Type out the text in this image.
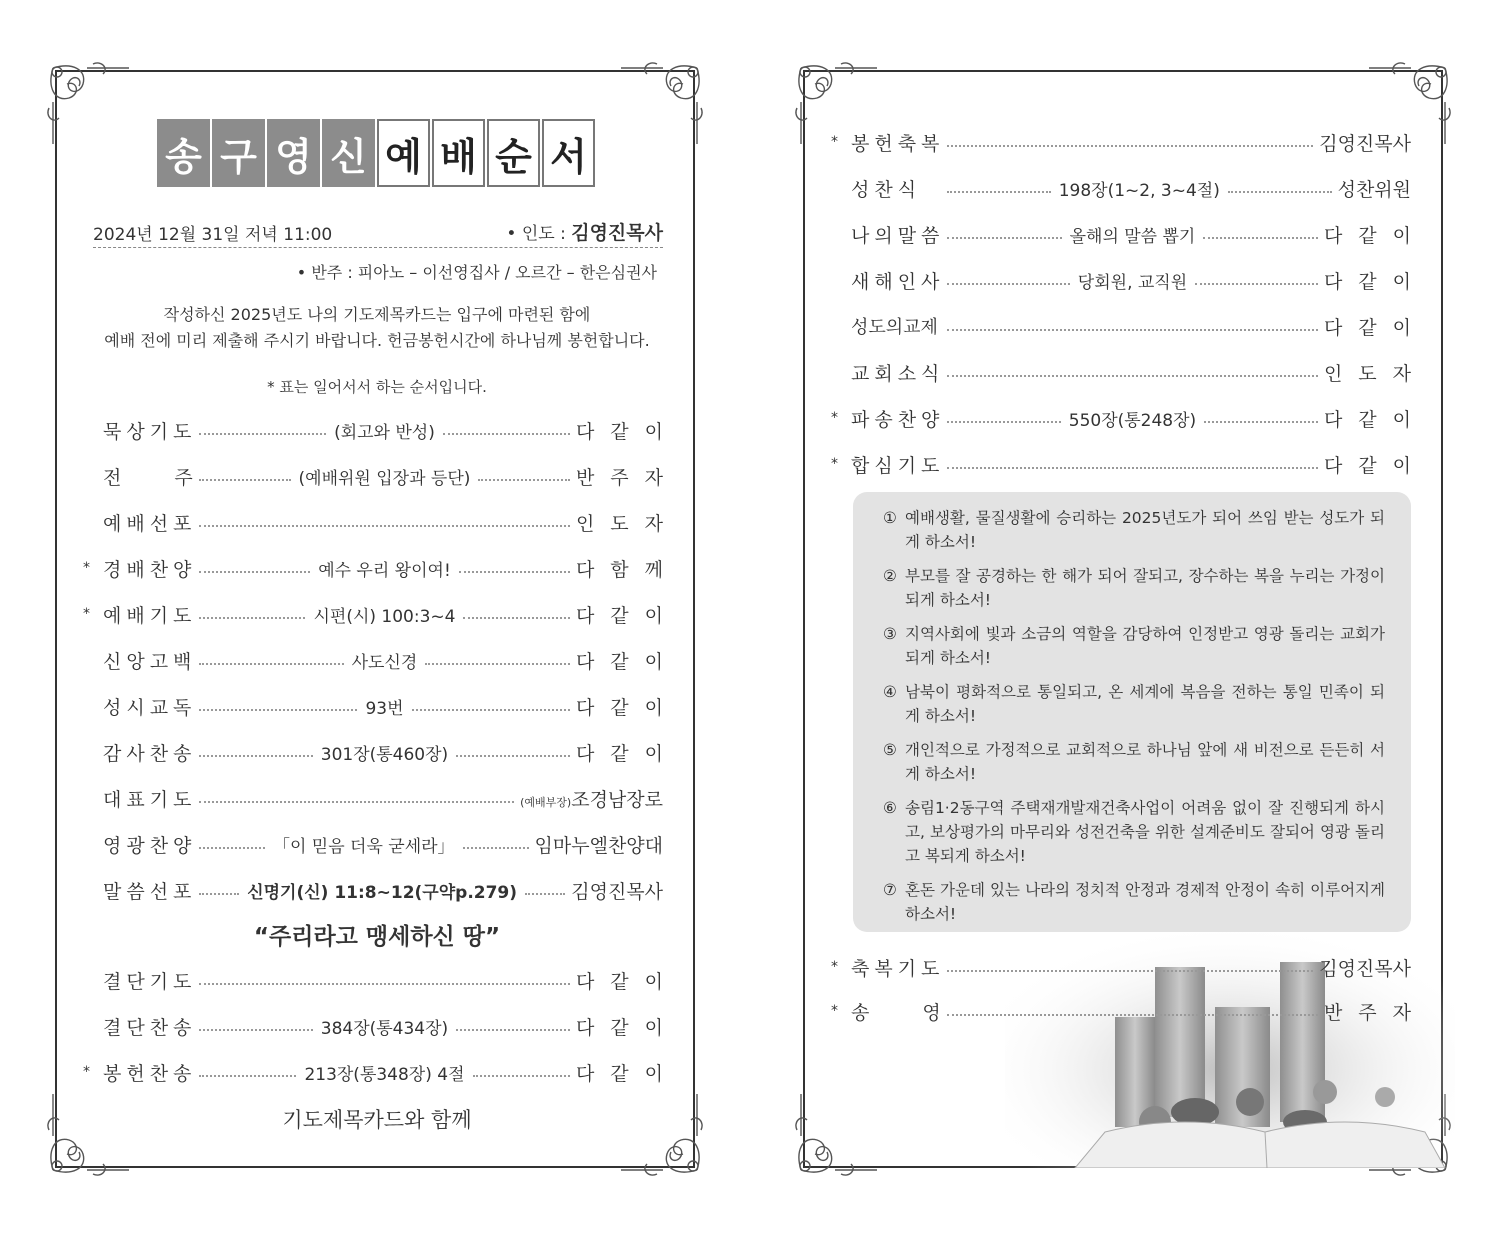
송 구 영 신 예 배 순 서
2024년 12월 31일 저녁 11:00	• 인도 : 김영진목사
• 반주 : 피아노 – 이선영집사 / 오르간 – 한은심권사
작성하신 2025년도 나의 기도제목카드는 입구에 마련된 함에
예배 전에 미리 제출해 주시기 바랍니다. 헌금봉헌시간에 하나님께 봉헌합니다.
* 표는 일어서서 하는 순서입니다.
묵상기도	(회고와 반성)	다같이
전　　주	(예배위원 입장과 등단)	반주자
예배선포	인도자
* 경배찬양	예수 우리 왕이여!	다함께
* 예배기도	시편(시) 100:3~4	다같이
신앙고백	사도신경	다같이
성시교독	93번	다같이
감사찬송	301장(통460장)	다같이
대표기도	(예배부장)조경남장로
영광찬양	「이 믿음 더욱 굳세라」	임마누엘찬양대
말씀선포	신명기(신) 11:8~12(구약p.279)	김영진목사
“주리라고 맹세하신 땅”
결단기도	다같이
결단찬송	384장(통434장)	다같이
* 봉헌찬송	213장(통348장) 4절	다같이
기도제목카드와 함께
* 봉헌축복	김영진목사
성찬식	198장(1~2, 3~4절)	성찬위원
나의말씀	올해의 말씀 뽑기	다같이
새해인사	당회원, 교직원	다같이
성도의교제	다같이
교회소식	인도자
* 파송찬양	550장(통248장)	다같이
* 합심기도	다같이
① 예배생활, 물질생활에 승리하는 2025년도가 되어 쓰임 받는 성도가 되게 하소서!
② 부모를 잘 공경하는 한 해가 되어 잘되고, 장수하는 복을 누리는 가정이 되게 하소서!
③ 지역사회에 빛과 소금의 역할을 감당하여 인정받고 영광 돌리는 교회가 되게 하소서!
④ 남북이 평화적으로 통일되고, 온 세계에 복음을 전하는 통일 민족이 되게 하소서!
⑤ 개인적으로 가정적으로 교회적으로 하나님 앞에 새 비전으로 든든히 서게 하소서!
⑥ 송림1·2동구역 주택재개발재건축사업이 어려움 없이 잘 진행되게 하시고, 보상평가의 마무리와 성전건축을 위한 설계준비도 잘되어 영광 돌리고 복되게 하소서!
⑦ 혼돈 가운데 있는 나라의 정치적 안정과 경제적 안정이 속히 이루어지게 하소서!
* 축복기도	김영진목사
* 송　　영	반주자
